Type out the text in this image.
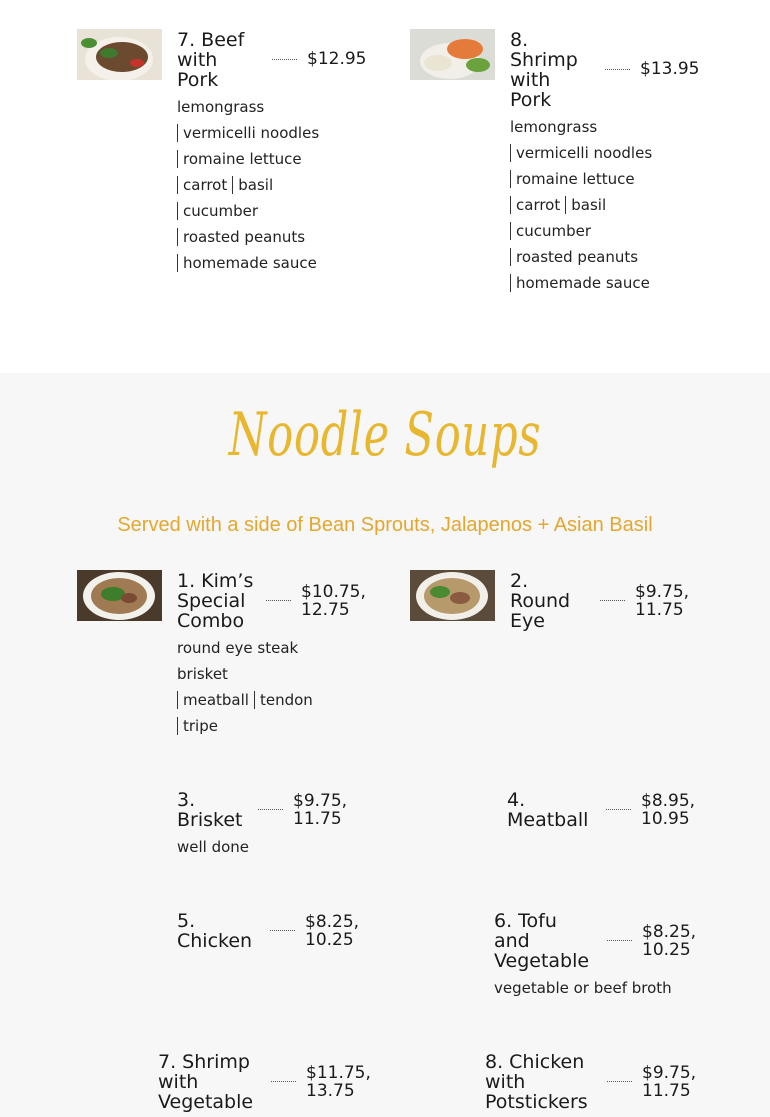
7. Beef
with
Pork
$12.95
lemongrass
vermicelli noodles
romaine lettuce
carrot basil
cucumber
roasted peanuts
homemade sauce
8.
Shrimp
with
Pork
$13.95
lemongrass
vermicelli noodles
romaine lettuce
carrot basil
cucumber
roasted peanuts
homemade sauce
Noodle Soups
Served with a side of Bean Sprouts, Jalapenos + Asian Basil
1. Kim’s
Special
Combo
$10.75,
12.75
round eye steak
brisket
meatball tendon
tripe
2.
Round
Eye
$9.75,
11.75
3.
Brisket
$9.75,
11.75
well done
4.
Meatball
$8.95,
10.95
5.
Chicken
$8.25,
10.25
6. Tofu
and
Vegetable
$8.25,
10.25
vegetable or beef broth
7. Shrimp
with
Vegetable
$11.75,
13.75
8. Chicken
with
Potstickers
$9.75,
11.75
